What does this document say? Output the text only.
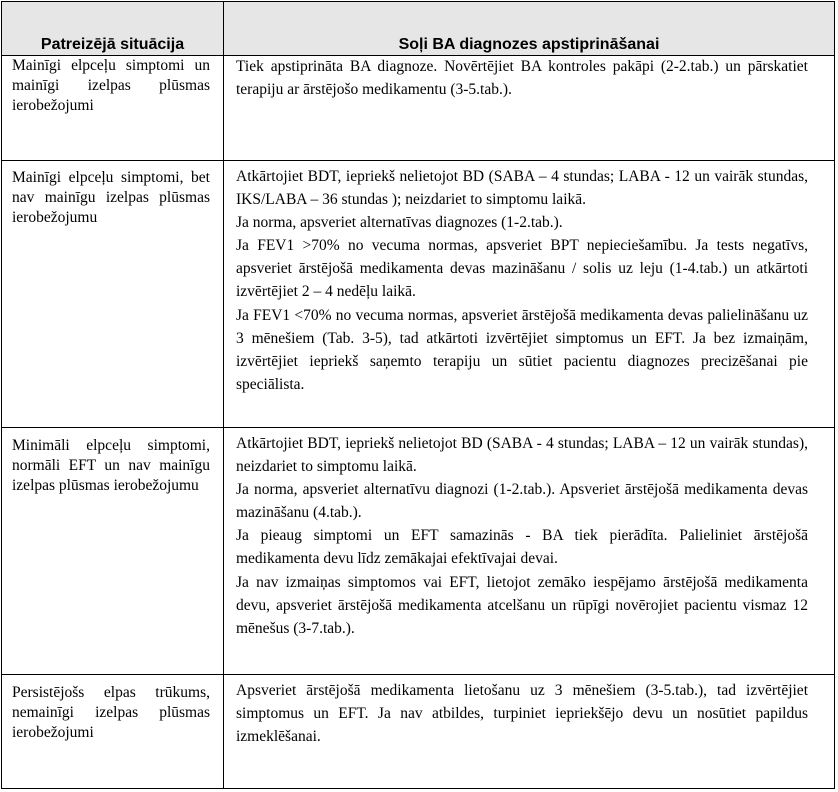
Patreizējā situācija	Soļi BA diagnozes apstiprināšanai

Mainīgi elpceļu simptomi un mainīgi izelpas plūsmas ierobežojumi

Tiek apstiprināta BA diagnoze. Novērtējiet BA kontroles pakāpi (2-2.tab.) un pārskatiet terapiju ar ārstējošo medikamentu (3-5.tab.).

Mainīgi elpceļu simptomi, bet nav mainīgu izelpas plūsmas ierobežojumu

Atkārtojiet BDT, iepriekš nelietojot BD (SABA – 4 stundas; LABA - 12 un vairāk stundas, IKS/LABA – 36 stundas ); neizdariet to simptomu laikā.

Ja norma, apsveriet alternatīvas diagnozes (1-2.tab.).

Ja FEV1 >70% no vecuma normas, apsveriet BPT nepieciešamību. Ja tests negatīvs, apsveriet ārstējošā medikamenta devas mazināšanu / solis uz leju (1-4.tab.) un atkārtoti izvērtējiet 2 – 4 nedēļu laikā.

Ja FEV1 <70% no vecuma normas, apsveriet ārstējošā medikamenta devas palielināšanu uz 3 mēnešiem (Tab. 3-5), tad atkārtoti izvērtējiet simptomus un EFT. Ja bez izmaiņām, izvērtējiet iepriekš saņemto terapiju un sūtiet pacientu diagnozes precizēšanai pie speciālista.

Minimāli elpceļu simptomi, normāli EFT un nav mainīgu izelpas plūsmas ierobežojumu

Atkārtojiet BDT, iepriekš nelietojot BD (SABA - 4 stundas; LABA – 12 un vairāk stundas), neizdariet to simptomu laikā.

Ja norma, apsveriet alternatīvu diagnozi (1-2.tab.). Apsveriet ārstējošā medikamenta devas mazināšanu (4.tab.).

Ja pieaug simptomi un EFT samazinās - BA tiek pierādīta. Palieliniet ārstējošā medikamenta devu līdz zemākajai efektīvajai devai.

Ja nav izmaiņas simptomos vai EFT, lietojot zemāko iespējamo ārstējošā medikamenta devu, apsveriet ārstējošā medikamenta atcelšanu un rūpīgi novērojiet pacientu vismaz 12 mēnešus (3-7.tab.).

Persistējošs elpas trūkums, nemainīgi izelpas plūsmas ierobežojumi

Apsveriet ārstējošā medikamenta lietošanu uz 3 mēnešiem (3-5.tab.), tad izvērtējiet simptomus un EFT. Ja nav atbildes, turpiniet iepriekšējo devu un nosūtiet papildus izmeklēšanai.
